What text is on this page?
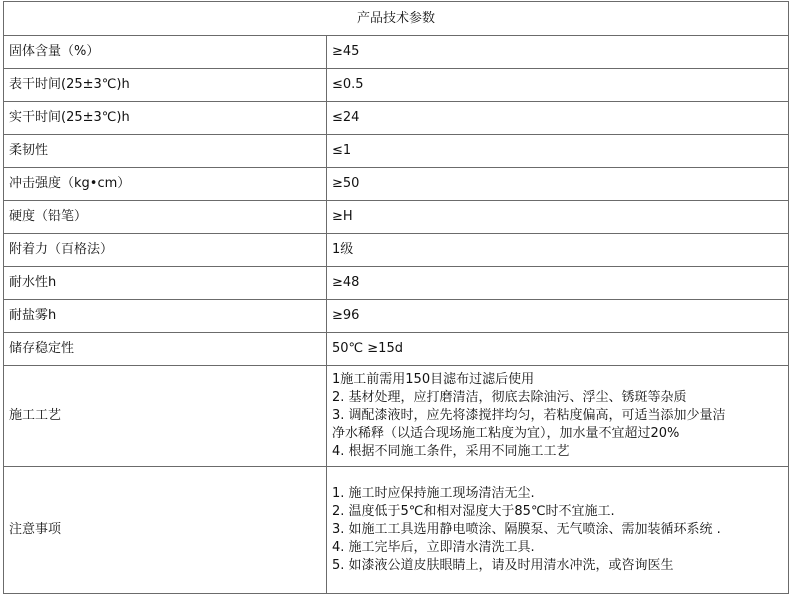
产品技术参数	
固体含量（%）	≥45
表干时间(25±3℃)h	≤0.5
实干时间(25±3℃)h	≤24
柔韧性	≤1
冲击强度（kg•cm）	≥50
硬度（铅笔）	≥H
附着力（百格法）	1级
耐水性h	≥48
耐盐雾h	≥96
储存稳定性	50℃ ≥15d
施工工艺	1施工前需用150目滤布过滤后使用
2. 基材处理，应打磨清洁，彻底去除油污、浮尘、锈斑等杂质
3. 调配漆液时，应先将漆搅拌均匀，若粘度偏高，可适当添加少量洁
净水稀释（以适合现场施工粘度为宜），加水量不宜超过20%
4. 根据不同施工条件，采用不同施工工艺

注意事项	1. 施工时应保持施工现场清洁无尘.
2. 温度低于5℃和相对湿度大于85℃时不宜施工.
3. 如施工工具选用静电喷涂、隔膜泵、无气喷涂、需加装循环系统 .
4. 施工完毕后，立即清水清洗工具.
5. 如漆液公道皮肤眼睛上，请及时用清水冲洗，或咨询医生
